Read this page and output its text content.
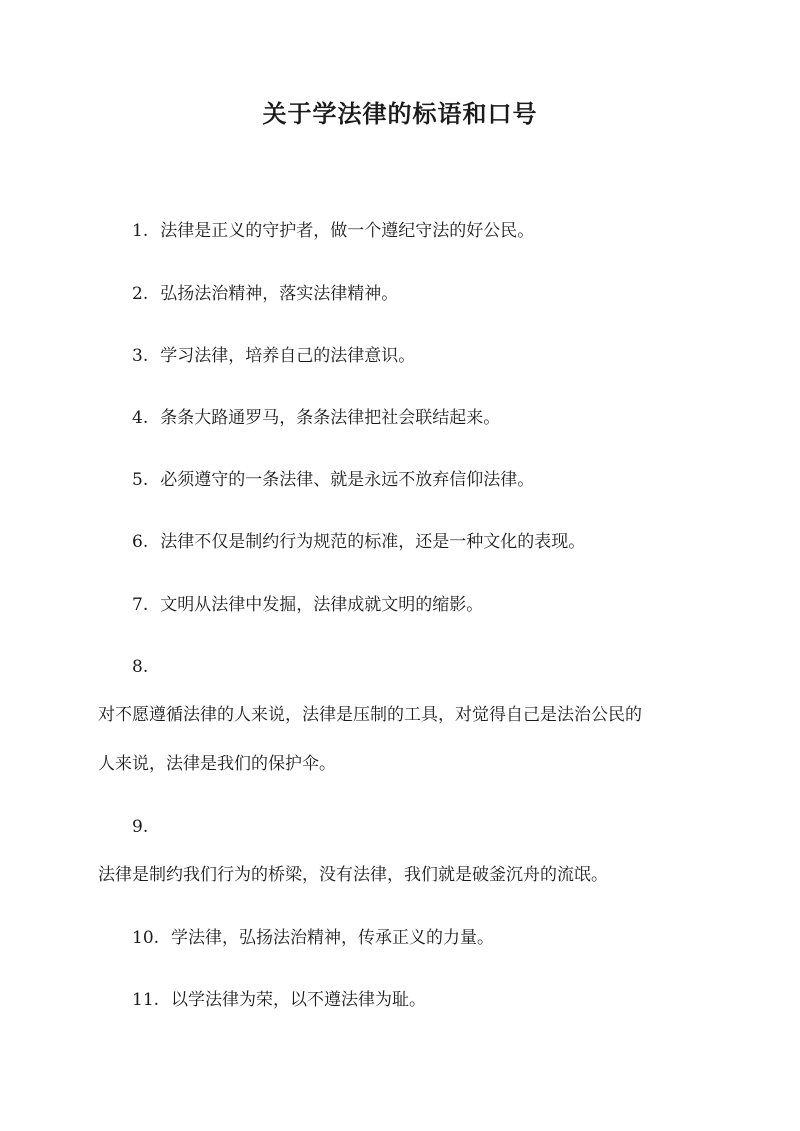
关于学法律的标语和口号
1. 法律是正义的守护者，做一个遵纪守法的好公民。
2. 弘扬法治精神，落实法律精神。
3. 学习法律，培养自己的法律意识。
4. 条条大路通罗马，条条法律把社会联结起来。
5. 必须遵守的一条法律、就是永远不放弃信仰法律。
6. 法律不仅是制约行为规范的标准，还是一种文化的表现。
7. 文明从法律中发掘，法律成就文明的缩影。
8.
对不愿遵循法律的人来说，法律是压制的工具，对觉得自己是法治公民的
人来说，法律是我们的保护伞。
9.
法律是制约我们行为的桥梁，没有法律，我们就是破釜沉舟的流氓。
10. 学法律，弘扬法治精神，传承正义的力量。
11. 以学法律为荣，以不遵法律为耻。
